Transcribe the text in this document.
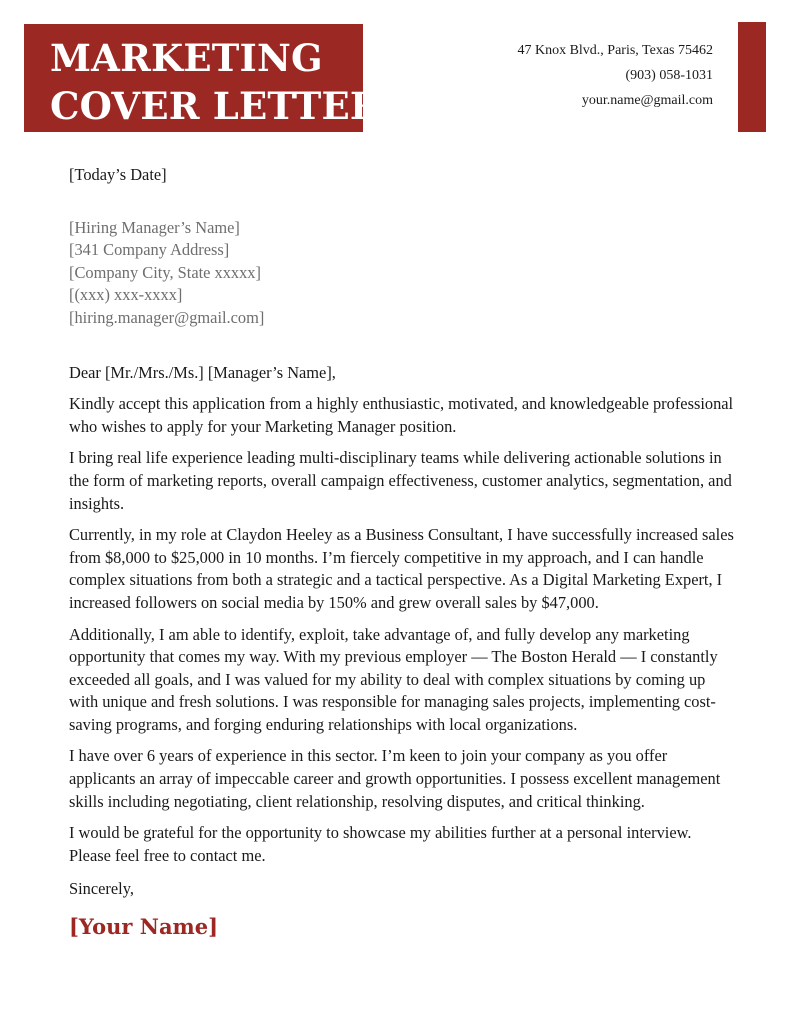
MARKETING
COVER LETTER
47 Knox Blvd., Paris, Texas 75462
(903) 058-1031
your.name@gmail.com
[Today’s Date]
[Hiring Manager’s Name]
[341 Company Address]
[Company City, State xxxxx]
[(xxx) xxx-xxxx]
[hiring.manager@gmail.com]
Dear [Mr./Mrs./Ms.] [Manager’s Name],

Kindly accept this application from a highly enthusiastic, motivated, and knowledgeable professional who wishes to apply for your Marketing Manager position.

I bring real life experience leading multi-disciplinary teams while delivering actionable solutions in the form of marketing reports, overall campaign effectiveness, customer analytics, segmentation, and insights.

Currently, in my role at Claydon Heeley as a Business Consultant, I have successfully increased sales from $8,000 to $25,000 in 10 months. I’m fiercely competitive in my approach, and I can handle complex situations from both a strategic and a tactical perspective. As a Digital Marketing Expert, I increased followers on social media by 150% and grew overall sales by $47,000.

Additionally, I am able to identify, exploit, take advantage of, and fully develop any marketing opportunity that comes my way. With my previous employer — The Boston Herald — I constantly exceeded all goals, and I was valued for my ability to deal with complex situations by coming up with unique and fresh solutions. I was responsible for managing sales projects, implementing cost-saving programs, and forging enduring relationships with local organizations.

I have over 6 years of experience in this sector. I’m keen to join your company as you offer applicants an array of impeccable career and growth opportunities. I possess excellent management skills including negotiating, client relationship, resolving disputes, and critical thinking.

I would be grateful for the opportunity to showcase my abilities further at a personal interview. Please feel free to contact me.

Sincerely,
[Your Name]
